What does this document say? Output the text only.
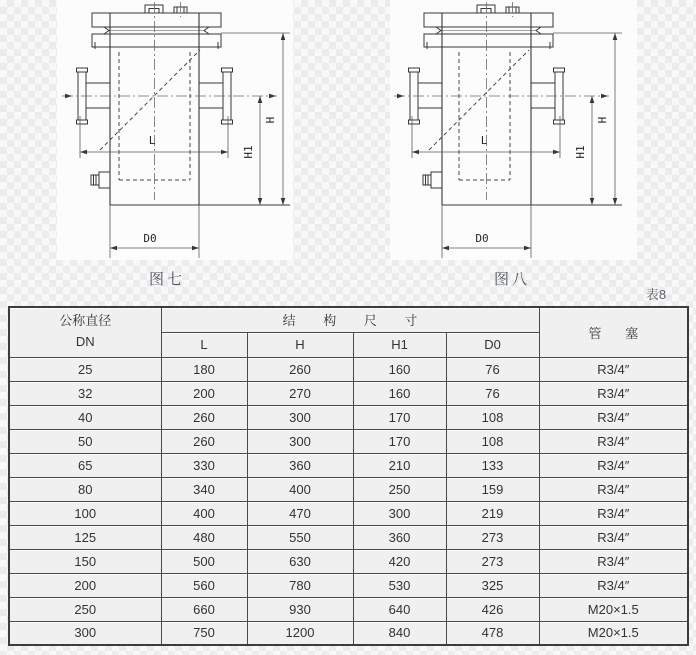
L
H1
H
D0
L
H1
H
D0
图七	图八
表8
公称直径
DN	结 构 尺 寸				管 塞
	L	H	H1	D0	
25	180	260	160	76	R3/4″
32	200	270	160	76	R3/4″
40	260	300	170	108	R3/4″
50	260	300	170	108	R3/4″
65	330	360	210	133	R3/4″
80	340	400	250	159	R3/4″
100	400	470	300	219	R3/4″
125	480	550	360	273	R3/4″
150	500	630	420	273	R3/4″
200	560	780	530	325	R3/4″
250	660	930	640	426	M20×1.5
300	750	1200	840	478	M20×1.5
